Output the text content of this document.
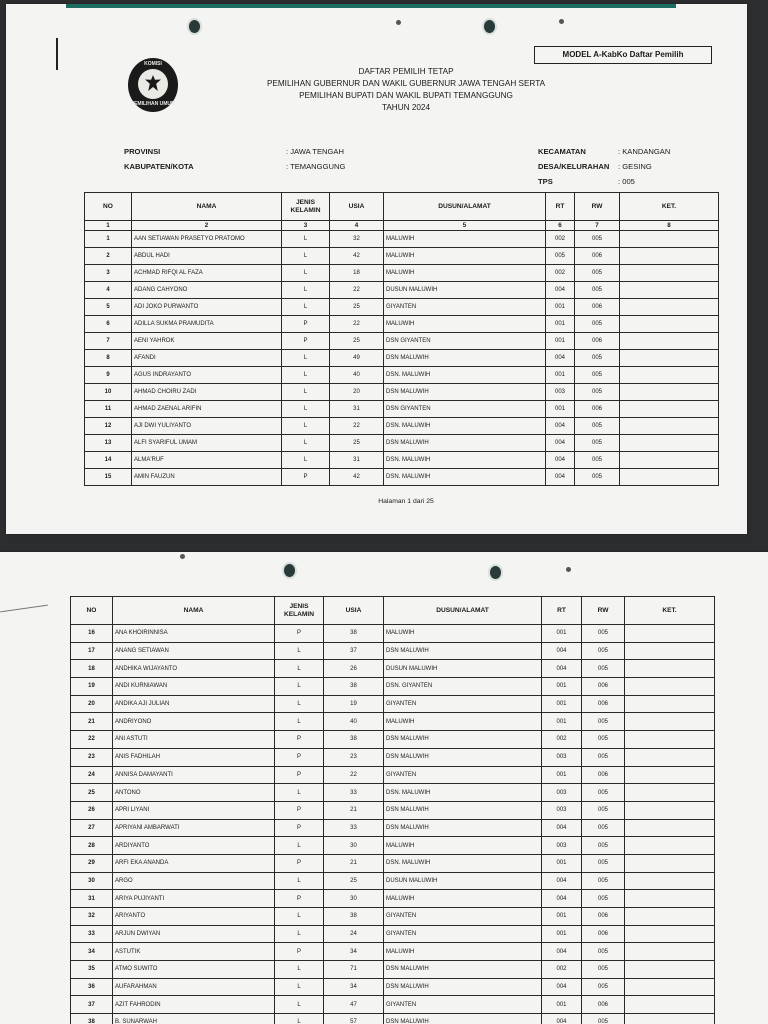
MODEL A-KabKo Daftar Pemilih
KOMISI
PEMILIHAN UMUM
DAFTAR PEMILIH TETAP
PEMILIHAN GUBERNUR DAN WAKIL GUBERNUR JAWA TENGAH SERTA
PEMILIHAN BUPATI DAN WAKIL BUPATI TEMANGGUNG
TAHUN 2024
PROVINSI	: JAWA TENGAH
KABUPATEN/KOTA	: TEMANGGUNG
KECAMATAN	: KANDANGAN
DESA/KELURAHAN	: GESING
TPS	: 005
NO	NAMA	JENIS KELAMIN	USIA	DUSUN/ALAMAT	RT	RW	KET.
1	2	3	4	5	6	7	8
1	AAN SETIAWAN PRASETYO PRATOMO	L	32	MALUWIH	002	005	
2	ABDUL HADI	L	42	MALUWIH	005	006	
3	ACHMAD RIFQI AL FAZA	L	18	MALUWIH	002	005	
4	ADANG CAHYONO	L	22	DUSUN MALUWIH	004	005	
5	ADI JOKO PURWANTO	L	25	GIYANTEN	001	006	
6	ADILLA SUKMA PRAMUDITA	P	22	MALUWIH	001	005	
7	AENI YAHROK	P	25	DSN GIYANTEN	001	006	
8	AFANDI	L	49	DSN MALUWIH	004	005	
9	AGUS INDRAYANTO	L	40	DSN. MALUWIH	001	005	
10	AHMAD CHOIRU ZADI	L	20	DSN MALUWIH	003	005	
11	AHMAD ZAENAL ARIFIN	L	31	DSN GIYANTEN	001	006	
12	AJI DWI YULIYANTO	L	22	DSN. MALUWIH	004	005	
13	ALFI SYARIFUL UMAM	L	25	DSN MALUWIH	004	005	
14	ALMA'RUF	L	31	DSN. MALUWIH	004	005	
15	AMIN FAUZUN	P	42	DSN. MALUWIH	004	005	
Halaman 1 dari 25
NO	NAMA	JENIS KELAMIN	USIA	DUSUN/ALAMAT	RT	RW	KET.
16	ANA KHOIRINNISA	P	38	MALUWIH	001	005	
17	ANANG SETIAWAN	L	37	DSN MALUWIH	004	005	
18	ANDHIKA WIJAYANTO	L	26	DUSUN MALUWIH	004	005	
19	ANDI KURNIAWAN	L	38	DSN. GIYANTEN	001	006	
20	ANDIKA AJI JULIAN	L	19	GIYANTEN	001	006	
21	ANDRIYONO	L	40	MALUWIH	001	005	
22	ANI ASTUTI	P	38	DSN MALUWIH	002	005	
23	ANIS FADHILAH	P	23	DSN MALUWIH	003	005	
24	ANNISA DAMAYANTI	P	22	GIYANTEN	001	006	
25	ANTONO	L	33	DSN. MALUWIH	003	005	
26	APRI LIYANI	P	21	DSN MALUWIH	003	005	
27	APRIYANI AMBARWATI	P	33	DSN MALUWIH	004	005	
28	ARDIYANTO	L	30	MALUWIH	003	005	
29	ARFI EKA ANANDA	P	21	DSN. MALUWIH	001	005	
30	ARGO	L	25	DUSUN MALUWIH	004	005	
31	ARIYA PUJIYANTI	P	30	MALUWIH	004	005	
32	ARIYANTO	L	38	GIYANTEN	001	006	
33	ARJUN DWIYAN	L	24	GIYANTEN	001	006	
34	ASTUTIK	P	34	MALUWIH	004	005	
35	ATMO SUWITO	L	71	DSN MALUWIH	002	005	
36	AUFARAHMAN	L	34	DSN MALUWIH	004	005	
37	AZIT FAHRODIN	L	47	GIYANTEN	001	006	
38	B. SUNARWAH	L	57	DSN MALUWIH	004	005	
